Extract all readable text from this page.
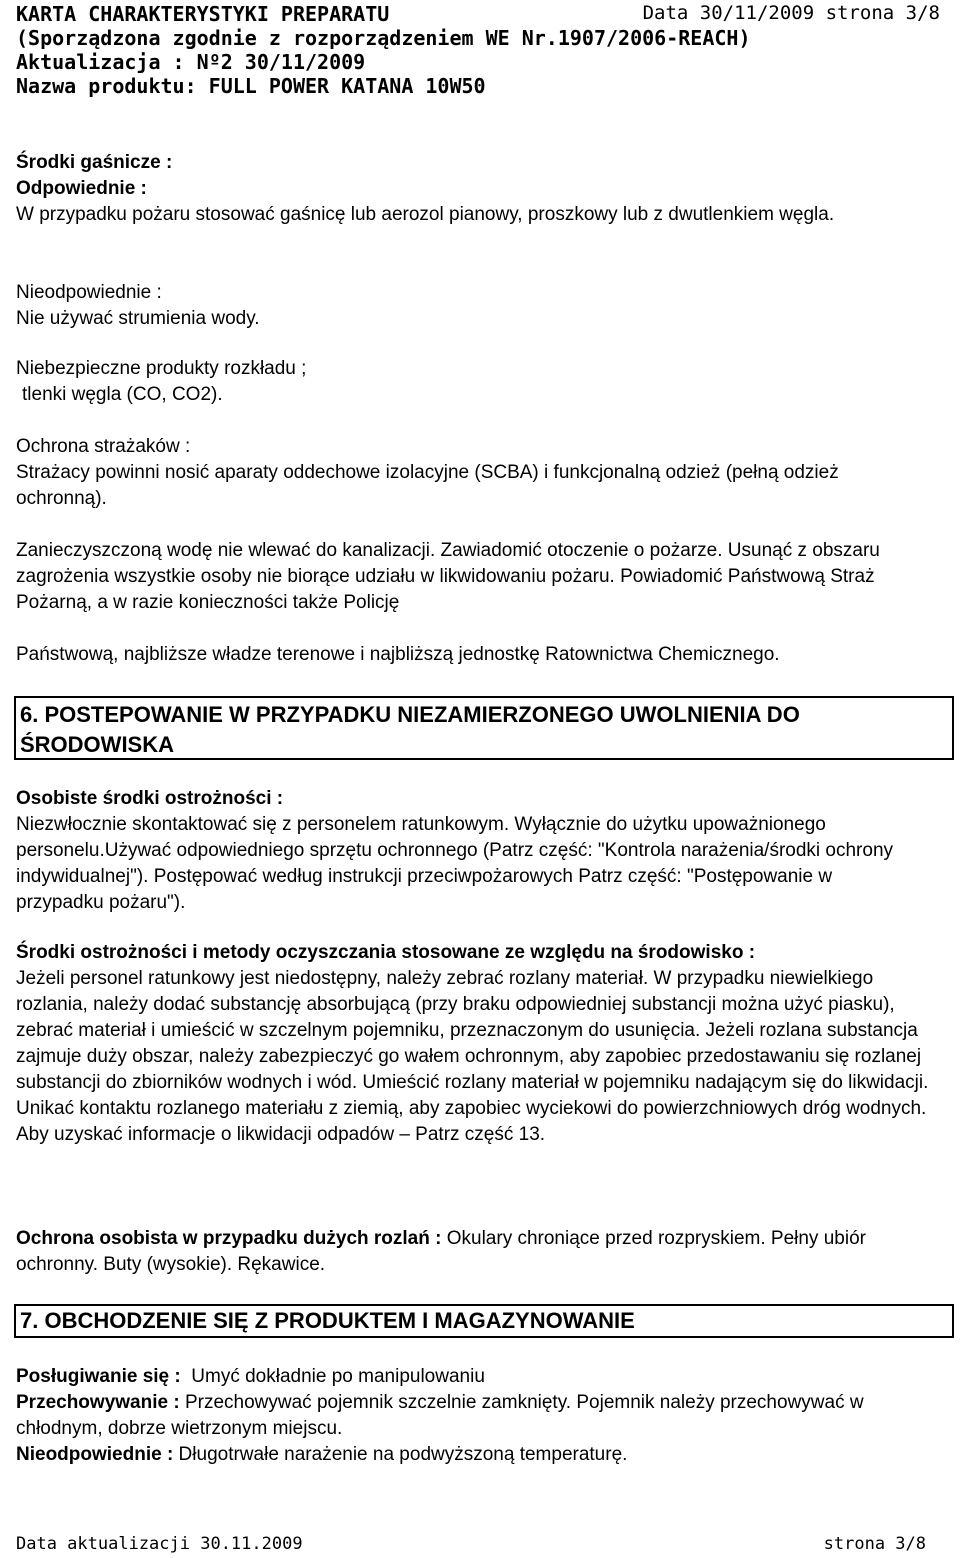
KARTA CHARAKTERYSTYKI PREPARATU	Data 30/11/2009 strona 3/8
(Sporządzona zgodnie z rozporządzeniem WE Nr.1907/2006-REACH)
Aktualizacja : Nº2 30/11/2009
Nazwa produktu: FULL POWER KATANA 10W50
Środki gaśnicze :
Odpowiednie :
W przypadku pożaru stosować gaśnicę lub aerozol pianowy, proszkowy lub z dwutlenkiem węgla.
Nieodpowiednie :
Nie używać strumienia wody.
Niebezpieczne produkty rozkładu ;
tlenki węgla (CO, CO2).
Ochrona strażaków :
Strażacy powinni nosić aparaty oddechowe izolacyjne (SCBA) i funkcjonalną odzież (pełną odzież ochronną).
Zanieczyszczoną wodę nie wlewać do kanalizacji. Zawiadomić otoczenie o pożarze. Usunąć z obszaru zagrożenia wszystkie osoby nie biorące udziału w likwidowaniu pożaru. Powiadomić Państwową Straż Pożarną, a w razie konieczności także Policję
Państwową, najbliższe władze terenowe i najbliższą jednostkę Ratownictwa Chemicznego.
6. POSTEPOWANIE W PRZYPADKU NIEZAMIERZONEGO UWOLNIENIA DO ŚRODOWISKA
Osobiste środki ostrożności :
Niezwłocznie skontaktować się z personelem ratunkowym. Wyłącznie do użytku upoważnionego personelu.Używać odpowiedniego sprzętu ochronnego (Patrz część: "Kontrola narażenia/środki ochrony indywidualnej"). Postępować według instrukcji przeciwpożarowych Patrz część: "Postępowanie w przypadku pożaru").
Środki ostrożności i metody oczyszczania stosowane ze względu na środowisko :
Jeżeli personel ratunkowy jest niedostępny, należy zebrać rozlany materiał. W przypadku niewielkiego rozlania, należy dodać substancję absorbującą (przy braku odpowiedniej substancji można użyć piasku), zebrać materiał i umieścić w szczelnym pojemniku, przeznaczonym do usunięcia. Jeżeli rozlana substancja zajmuje duży obszar, należy zabezpieczyć go wałem ochronnym, aby zapobiec przedostawaniu się rozlanej substancji do zbiorników wodnych i wód. Umieścić rozlany materiał w pojemniku nadającym się do likwidacji. Unikać kontaktu rozlanego materiału z ziemią, aby zapobiec wyciekowi do powierzchniowych dróg wodnych. Aby uzyskać informacje o likwidacji odpadów – Patrz część 13.
Ochrona osobista w przypadku dużych rozlań : Okulary chroniące przed rozpryskiem. Pełny ubiór ochronny. Buty (wysokie). Rękawice.
7. OBCHODZENIE SIĘ Z PRODUKTEM I MAGAZYNOWANIE
Posługiwanie się :  Umyć dokładnie po manipulowaniu
Przechowywanie : Przechowywać pojemnik szczelnie zamknięty. Pojemnik należy przechowywać w chłodnym, dobrze wietrzonym miejscu.
Nieodpowiednie : Długotrwałe narażenie na podwyższoną temperaturę.
Data aktualizacji 30.11.2009	strona 3/8
